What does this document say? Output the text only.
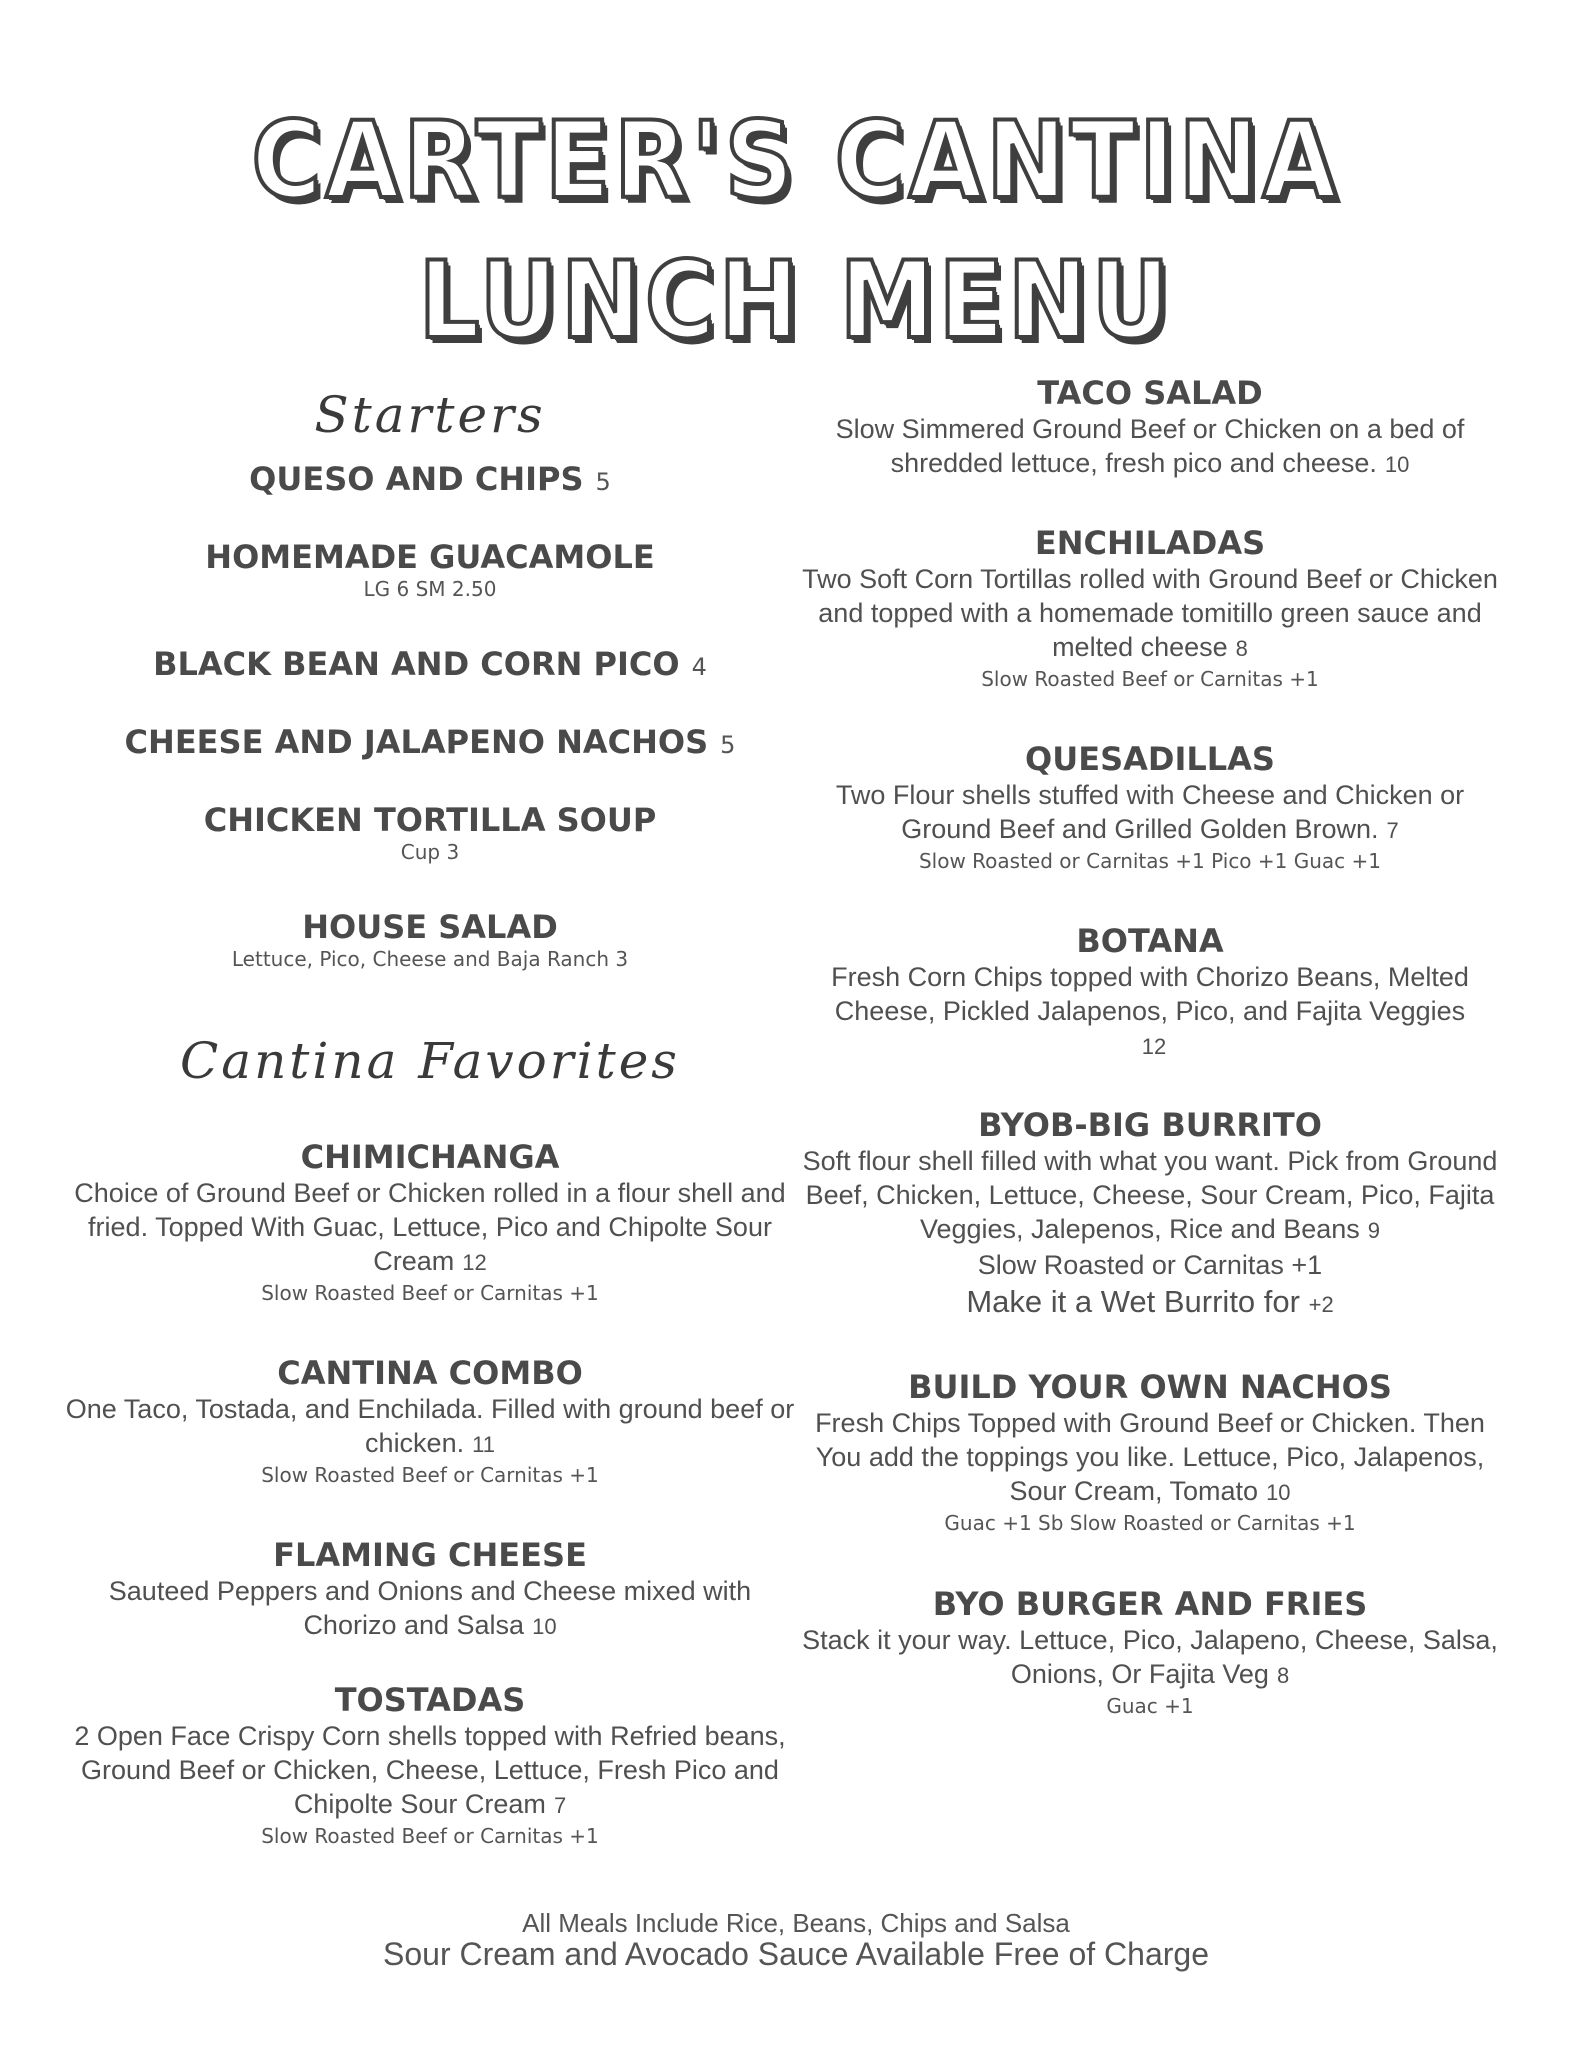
CARTER'S CANTINA
LUNCH MENU
Starters
QUESO AND CHIPS 5
HOMEMADE GUACAMOLE
LG 6 SM 2.50
BLACK BEAN AND CORN PICO 4
CHEESE AND JALAPENO NACHOS 5
CHICKEN TORTILLA SOUP
Cup 3
HOUSE SALAD
Lettuce, Pico, Cheese and Baja Ranch 3
Cantina Favorites
CHIMICHANGA
Choice of Ground Beef or Chicken rolled in a flour shell and fried. Topped With Guac, Lettuce, Pico and Chipolte Sour Cream 12
Slow Roasted Beef or Carnitas +1
CANTINA COMBO
One Taco, Tostada, and Enchilada. Filled with ground beef or chicken. 11
Slow Roasted Beef or Carnitas +1
FLAMING CHEESE
Sauteed Peppers and Onions and Cheese mixed with Chorizo and Salsa 10
TOSTADAS
2 Open Face Crispy Corn shells topped with Refried beans, Ground Beef or Chicken, Cheese, Lettuce, Fresh Pico and Chipolte Sour Cream 7
Slow Roasted Beef or Carnitas +1
TACO SALAD
Slow Simmered Ground Beef or Chicken on a bed of shredded lettuce, fresh pico and cheese. 10
ENCHILADAS
Two Soft Corn Tortillas rolled with Ground Beef or Chicken and topped with a homemade tomitillo green sauce and melted cheese 8
Slow Roasted Beef or Carnitas +1
QUESADILLAS
Two Flour shells stuffed with Cheese and Chicken or Ground Beef and Grilled Golden Brown. 7
Slow Roasted or Carnitas +1 Pico +1 Guac +1
BOTANA
Fresh Corn Chips topped with Chorizo Beans, Melted Cheese, Pickled Jalapenos, Pico, and Fajita Veggies
12
BYOB-BIG BURRITO
Soft flour shell filled with what you want. Pick from Ground Beef, Chicken, Lettuce, Cheese, Sour Cream, Pico, Fajita Veggies, Jalepenos, Rice and Beans 9
Slow Roasted or Carnitas +1
Make it a Wet Burrito for +2
BUILD YOUR OWN NACHOS
Fresh Chips Topped with Ground Beef or Chicken. Then You add the toppings you like. Lettuce, Pico, Jalapenos, Sour Cream, Tomato 10
Guac +1 Sb Slow Roasted or Carnitas +1
BYO BURGER AND FRIES
Stack it your way. Lettuce, Pico, Jalapeno, Cheese, Salsa, Onions, Or Fajita Veg 8
Guac +1
All Meals Include Rice, Beans, Chips and Salsa
Sour Cream and Avocado Sauce Available Free of Charge
